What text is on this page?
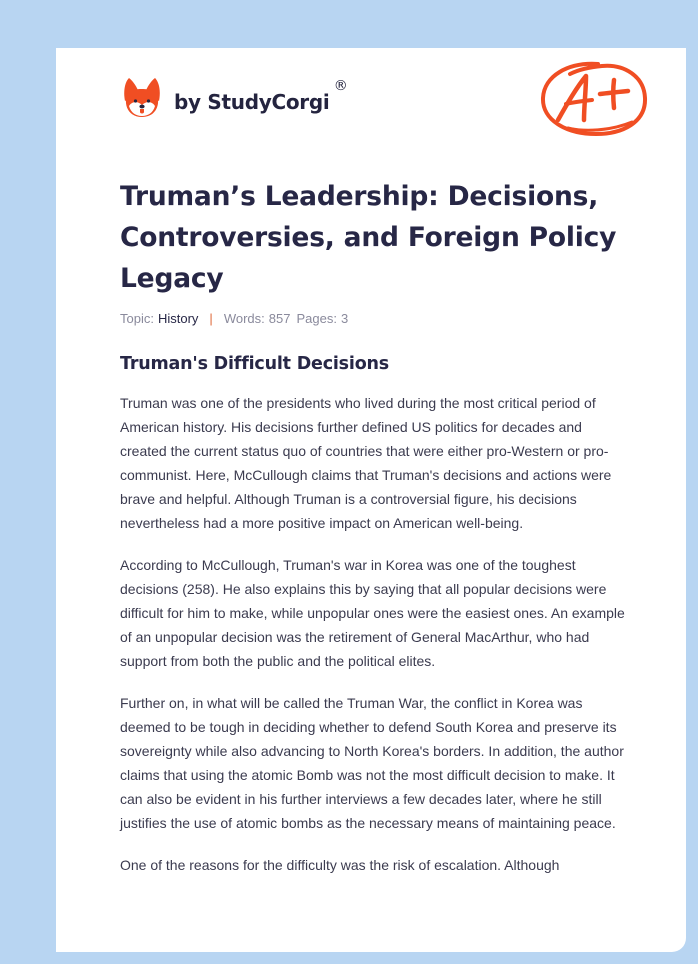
by StudyCorgi
®
Truman’s Leadership: Decisions, Controversies, and Foreign Policy Legacy
Topic: History | Words: 857 Pages: 3
Truman's Difficult Decisions

Truman was one of the presidents who lived during the most critical period of American history. His decisions further defined US politics for decades and created the current status quo of countries that were either pro-Western or pro-communist. Here, McCullough claims that Truman's decisions and actions were brave and helpful. Although Truman is a controversial figure, his decisions nevertheless had a more positive impact on American well-being.

According to McCullough, Truman's war in Korea was one of the toughest decisions (258). He also explains this by saying that all popular decisions were difficult for him to make, while unpopular ones were the easiest ones. An example of an unpopular decision was the retirement of General MacArthur, who had support from both the public and the political elites.

Further on, in what will be called the Truman War, the conflict in Korea was deemed to be tough in deciding whether to defend South Korea and preserve its sovereignty while also advancing to North Korea's borders. In addition, the author claims that using the atomic Bomb was not the most difficult decision to make. It can also be evident in his further interviews a few decades later, where he still justifies the use of atomic bombs as the necessary means of maintaining peace.

One of the reasons for the difficulty was the risk of escalation. Although
